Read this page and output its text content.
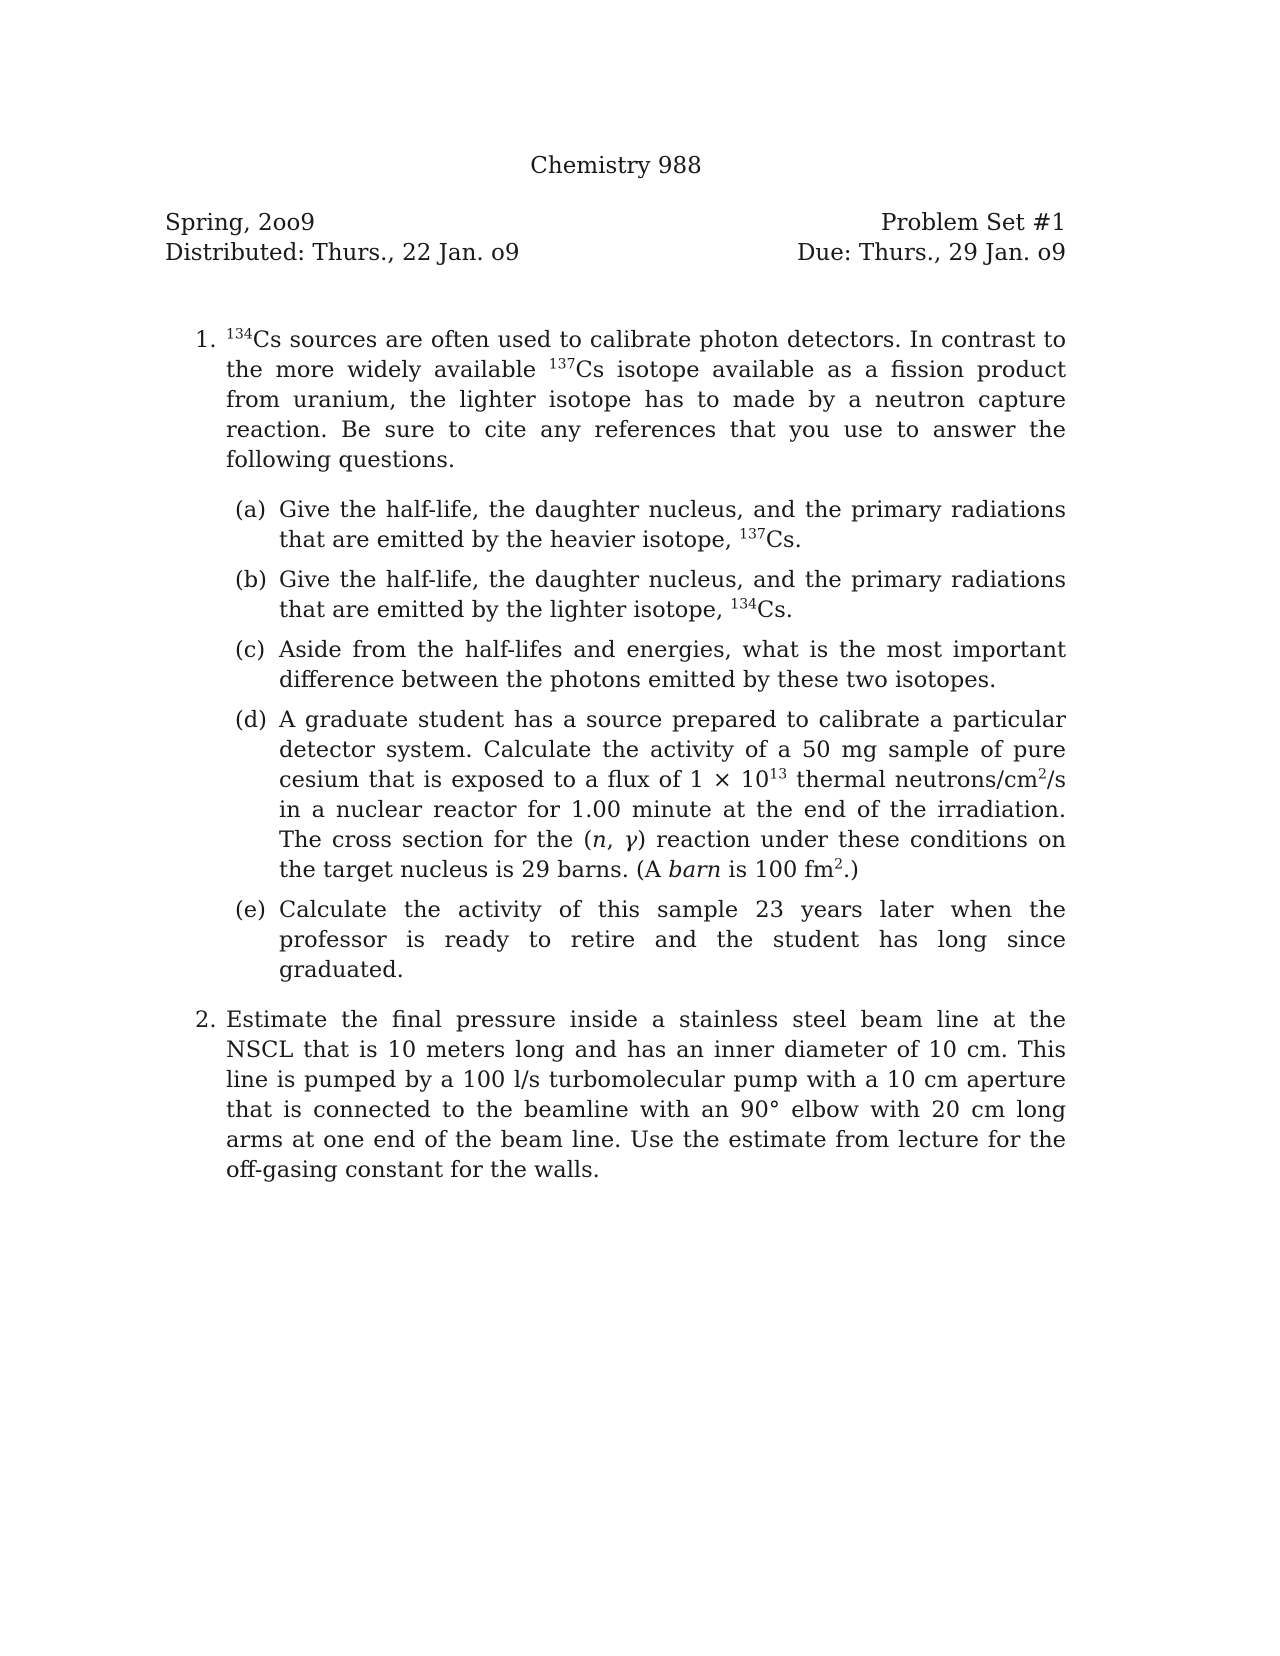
Chemistry 988
Spring, 2oo9
Distributed: Thurs., 22 Jan. o9
Problem Set #1
Due: Thurs., 29 Jan. o9
1. $^{134}$Cs sources are often used to calibrate photon detectors. In contrast to the more widely available $^{137}$Cs isotope available as a fission product from uranium, the lighter isotope has to made by a neutron capture reaction. Be sure to cite any references that you use to answer the following questions.
(a) Give the half-life, the daughter nucleus, and the primary radiations that are emitted by the heavier isotope, $^{137}$Cs.
(b) Give the half-life, the daughter nucleus, and the primary radiations that are emitted by the lighter isotope, $^{134}$Cs.
(c) Aside from the half-lifes and energies, what is the most important difference between the photons emitted by these two isotopes.
(d) A graduate student has a source prepared to calibrate a particular detector system. Calculate the activity of a 50 mg sample of pure cesium that is exposed to a flux of $1 \times 10^{13}$ thermal neutrons/$cm^2/s$ in a nuclear reactor for 1.00 minute at the end of the irradiation. The cross section for the (n, γ) reaction under these conditions on the target nucleus is 29 barns. (A barn is 100 $fm^2$.)
(e) Calculate the activity of this sample 23 years later when the professor is ready to retire and the student has long since graduated.
2. Estimate the final pressure inside a stainless steel beam line at the NSCL that is 10 meters long and has an inner diameter of 10 cm. This line is pumped by a 100 l/s turbomolecular pump with a 10 cm aperture that is connected to the beamline with an 90° elbow with 20 cm long arms at one end of the beam line. Use the estimate from lecture for the off-gasing constant for the walls.
